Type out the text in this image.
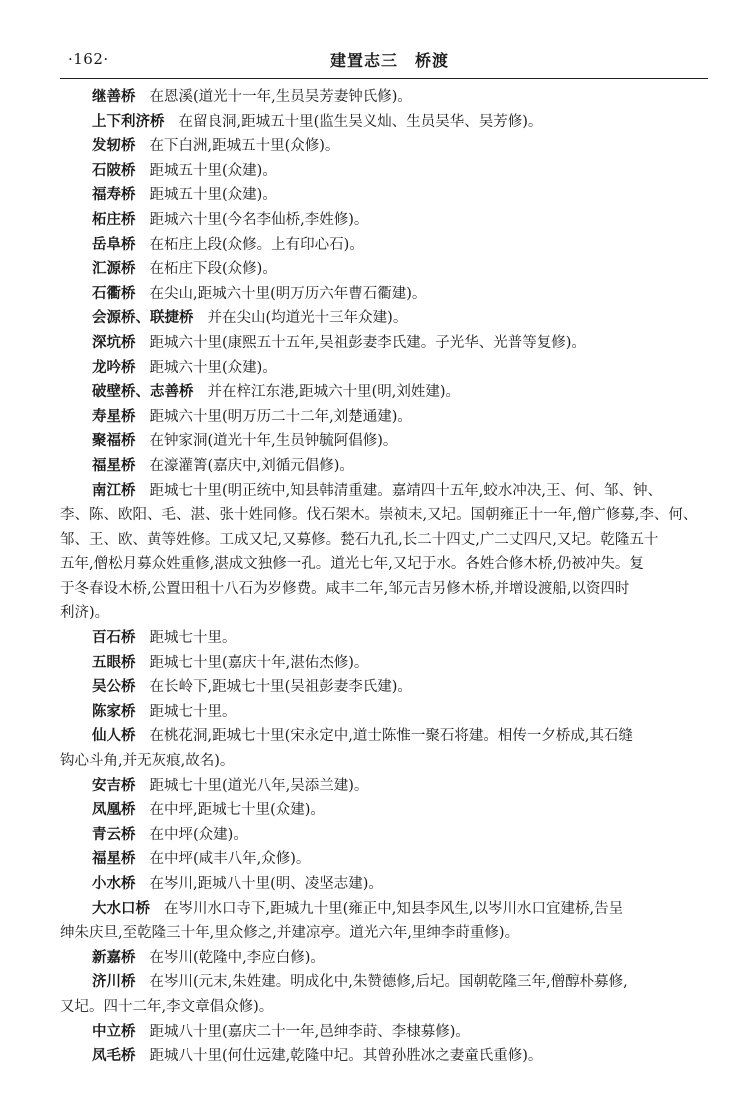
·162·	建置志三　桥渡

继善桥 在恩溪(道光十一年,生员吴芳妻钟氏修)。

上下利济桥 在留良洞,距城五十里(监生吴义灿、生员吴华、吴芳修)。

发轫桥 在下白洲,距城五十里(众修)。

石陂桥 距城五十里(众建)。

福寿桥 距城五十里(众建)。

柘庄桥 距城六十里(今名李仙桥,李姓修)。

岳阜桥 在柘庄上段(众修。上有印心石)。

汇源桥 在柘庄下段(众修)。

石衢桥 在尖山,距城六十里(明万历六年曹石衢建)。

会源桥、联捷桥 并在尖山(均道光十三年众建)。

深坑桥 距城六十里(康熙五十五年,吴祖彭妻李氏建。子光华、光普等复修)。

龙吟桥 距城六十里(众建)。

破壁桥、志善桥 并在梓江东港,距城六十里(明,刘姓建)。

寿星桥 距城六十里(明万历二十二年,刘楚通建)。

聚福桥 在钟家洞(道光十年,生员钟毓阿倡修)。

福星桥 在濠灌箐(嘉庆中,刘循元倡修)。

南江桥 距城七十里(明正统中,知县韩清重建。嘉靖四十五年,蛟水冲决,王、何、邹、钟、
李、陈、欧阳、毛、湛、张十姓同修。伐石架木。崇祯末,又圮。国朝雍正十一年,僧广修募,李、何、
邹、王、欧、黄等姓修。工成又圮,又募修。甃石九孔,长二十四丈,广二丈四尺,又圮。乾隆五十
五年,僧松月募众姓重修,湛成文独修一孔。道光七年,又圮于水。各姓合修木桥,仍被冲失。复
于冬春设木桥,公置田租十八石为岁修费。咸丰二年,邹元吉另修木桥,并增设渡船,以资四时
利济)。

百石桥 距城七十里。

五眼桥 距城七十里(嘉庆十年,湛佑杰修)。

吴公桥 在长岭下,距城七十里(吴祖彭妻李氏建)。

陈家桥 距城七十里。

仙人桥 在桃花洞,距城七十里(宋永定中,道士陈惟一聚石将建。相传一夕桥成,其石缝
钩心斗角,并无灰痕,故名)。

安吉桥 距城七十里(道光八年,吴添兰建)。

凤凰桥 在中坪,距城七十里(众建)。

青云桥 在中坪(众建)。

福星桥 在中坪(咸丰八年,众修)。

小水桥 在岑川,距城八十里(明、凌坚志建)。

大水口桥 在岑川水口寺下,距城九十里(雍正中,知县李风生,以岑川水口宜建桥,告呈
绅朱庆旦,至乾隆三十年,里众修之,并建凉亭。道光六年,里绅李莳重修)。

新嘉桥 在岑川(乾隆中,李应白修)。

济川桥 在岑川(元末,朱姓建。明成化中,朱赞德修,后圮。国朝乾隆三年,僧醇朴募修,
又圮。四十二年,李文章倡众修)。

中立桥 距城八十里(嘉庆二十一年,邑绅李莳、李棣募修)。

凤毛桥 距城八十里(何仕远建,乾隆中圮。其曾孙胜冰之妻童氏重修)。
